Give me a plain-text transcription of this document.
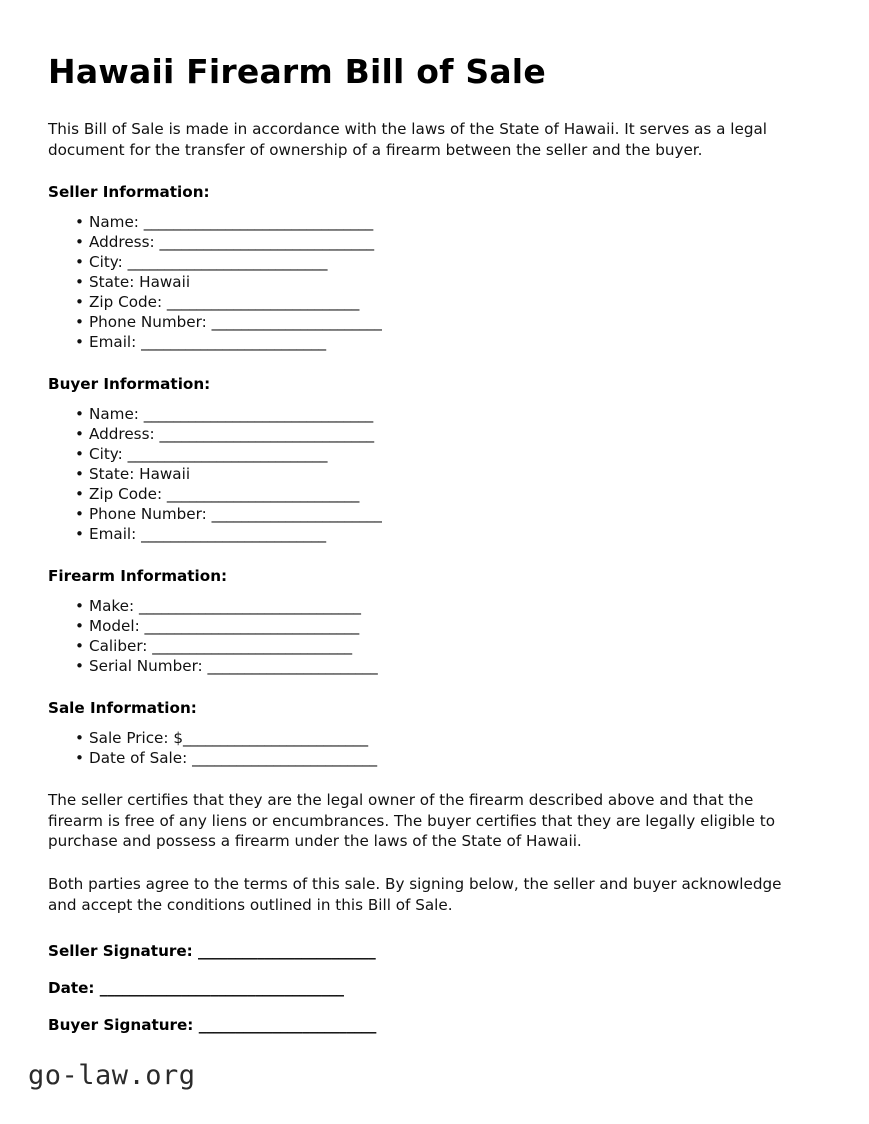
Hawaii Firearm Bill of Sale

This Bill of Sale is made in accordance with the laws of the State of Hawaii. It serves as a legal document for the transfer of ownership of a firearm between the seller and the buyer.

Seller Information:
• Name: _______________________________
• Address: _____________________________
• City: ___________________________
• State: Hawaii
• Zip Code: __________________________
• Phone Number: _______________________
• Email: _________________________
Buyer Information:
• Name: _______________________________
• Address: _____________________________
• City: ___________________________
• State: Hawaii
• Zip Code: __________________________
• Phone Number: _______________________
• Email: _________________________
Firearm Information:
• Make: ______________________________
• Model: _____________________________
• Caliber: ___________________________
• Serial Number: _______________________
Sale Information:
• Sale Price: $_________________________
• Date of Sale: _________________________

The seller certifies that they are the legal owner of the firearm described above and that the firearm is free of any liens or encumbrances. The buyer certifies that they are legally eligible to purchase and possess a firearm under the laws of the State of Hawaii.

Both parties agree to the terms of this sale. By signing below, the seller and buyer acknowledge and accept the conditions outlined in this Bill of Sale.

Seller Signature: ________________________
Date: _________________________________
Buyer Signature: ________________________
go-law.org
